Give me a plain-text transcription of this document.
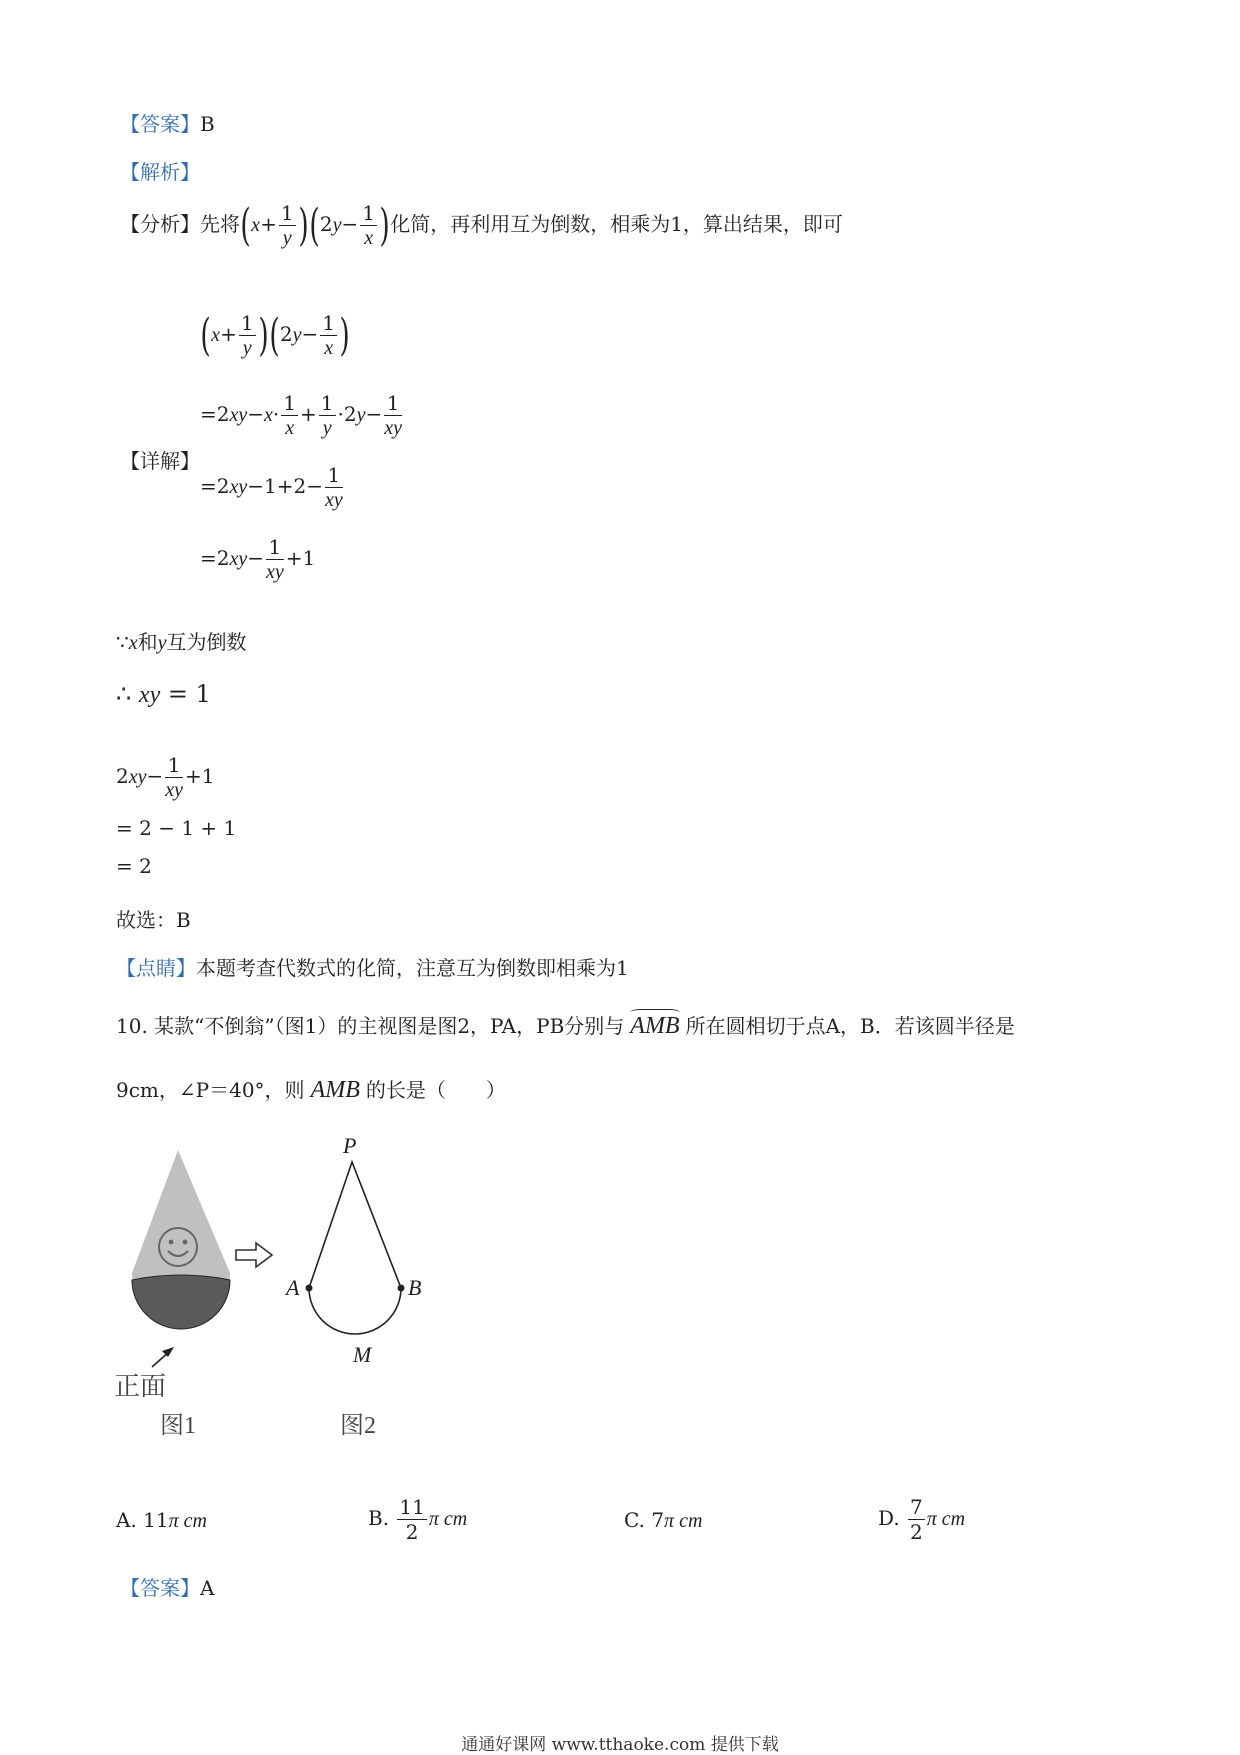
【答案】B
【解析】
【分析】先将$(x+ \frac{1}{y} )(2y- \frac{1}{x}$ )化简，再利用互为倒数，相乘为1，算出结果，即可
【详解】
$(x+ \frac{1}{y} )(2y- \frac{1}{x}$ )
$=2xy-x\cdot \frac{1}{x} + \frac{1}{y} \cdot 2y- \frac{1}{xy}$
$=2xy-1+2- \frac{1}{xy}$
$=2xy- \frac{1}{xy} +1$
∵x和y互为倒数
∴ xy = 1
$2xy- \frac{1}{xy} +1$
= 2 − 1 + 1
= 2
故选：B
【点睛】本题考查代数式的化简，注意互为倒数即相乘为1
10. 某款“不倒翁”（图1）的主视图是图2，PA，PB分别与 AMB 所在圆相切于点A，B．若该圆半径是
9cm，∠P＝40°，则 AMB 的长是（　　）
正面
图1
P
A	B
M
图2
A. 11π cm	B. $\frac{11}{2}$ π cm	C. 7π cm	D. $\frac{7}{2}$ π cm
【答案】A
通通好课网 www.tthaoke.com 提供下载
